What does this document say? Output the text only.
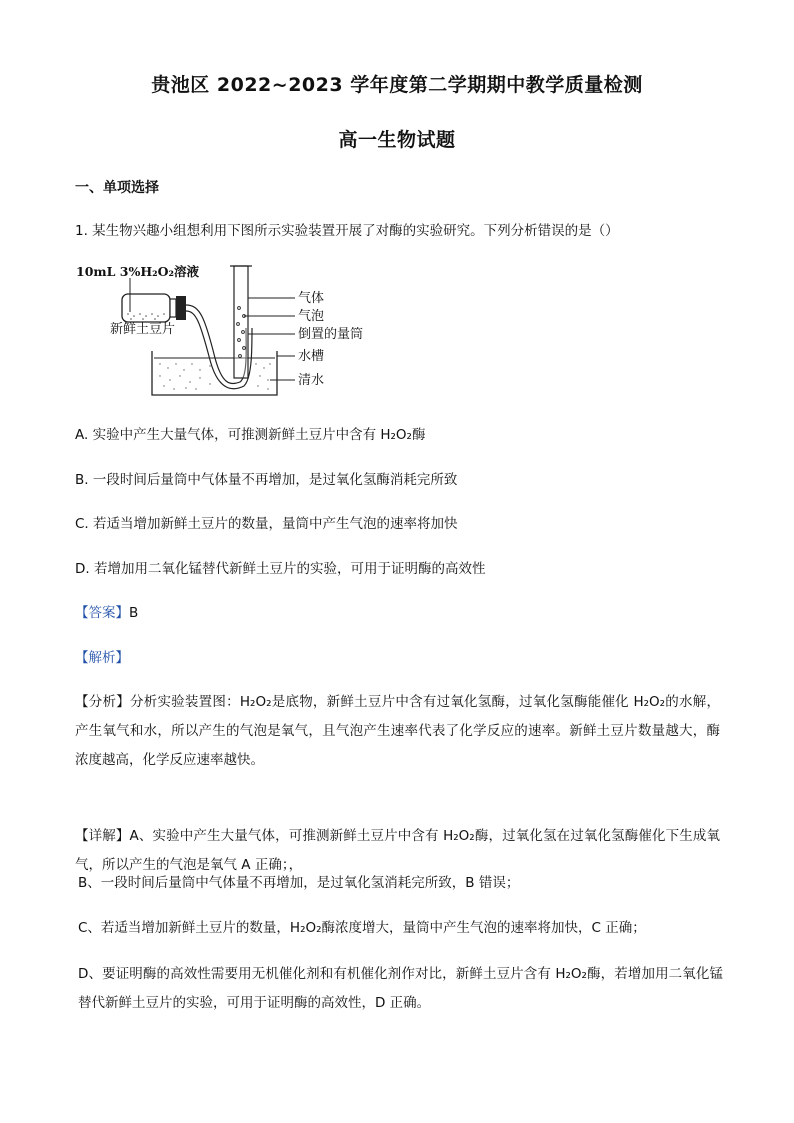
贵池区 2022~2023 学年度第二学期期中教学质量检测
高一生物试题
一、单项选择
1. 某生物兴趣小组想利用下图所示实验装置开展了对酶的实验研究。下列分析错误的是（）
10mL 3%H₂O₂溶液
新鲜土豆片
气体
气泡
倒置的量筒
水槽
清水
A. 实验中产生大量气体，可推测新鲜土豆片中含有 H₂O₂酶
B. 一段时间后量筒中气体量不再增加，是过氧化氢酶消耗完所致
C. 若适当增加新鲜土豆片的数量，量筒中产生气泡的速率将加快
D. 若增加用二氧化锰替代新鲜土豆片的实验，可用于证明酶的高效性
【答案】B
【解析】
【分析】分析实验装置图：H₂O₂是底物，新鲜土豆片中含有过氧化氢酶，过氧化氢酶能催化 H₂O₂的水解，产生氧气和水，所以产生的气泡是氧气，且气泡产生速率代表了化学反应的速率。新鲜土豆片数量越大，酶浓度越高，化学反应速率越快。
【详解】A、实验中产生大量气体，可推测新鲜土豆片中含有 H₂O₂酶，过氧化氢在过氧化氢酶催化下生成氧气，所以产生的气泡是氧气 A 正确；，
B、一段时间后量筒中气体量不再增加，是过氧化氢消耗完所致，B 错误；
C、若适当增加新鲜土豆片的数量，H₂O₂酶浓度增大，量筒中产生气泡的速率将加快，C 正确；
D、要证明酶的高效性需要用无机催化剂和有机催化剂作对比，新鲜土豆片含有 H₂O₂酶，若增加用二氧化锰替代新鲜土豆片的实验，可用于证明酶的高效性，D 正确。
